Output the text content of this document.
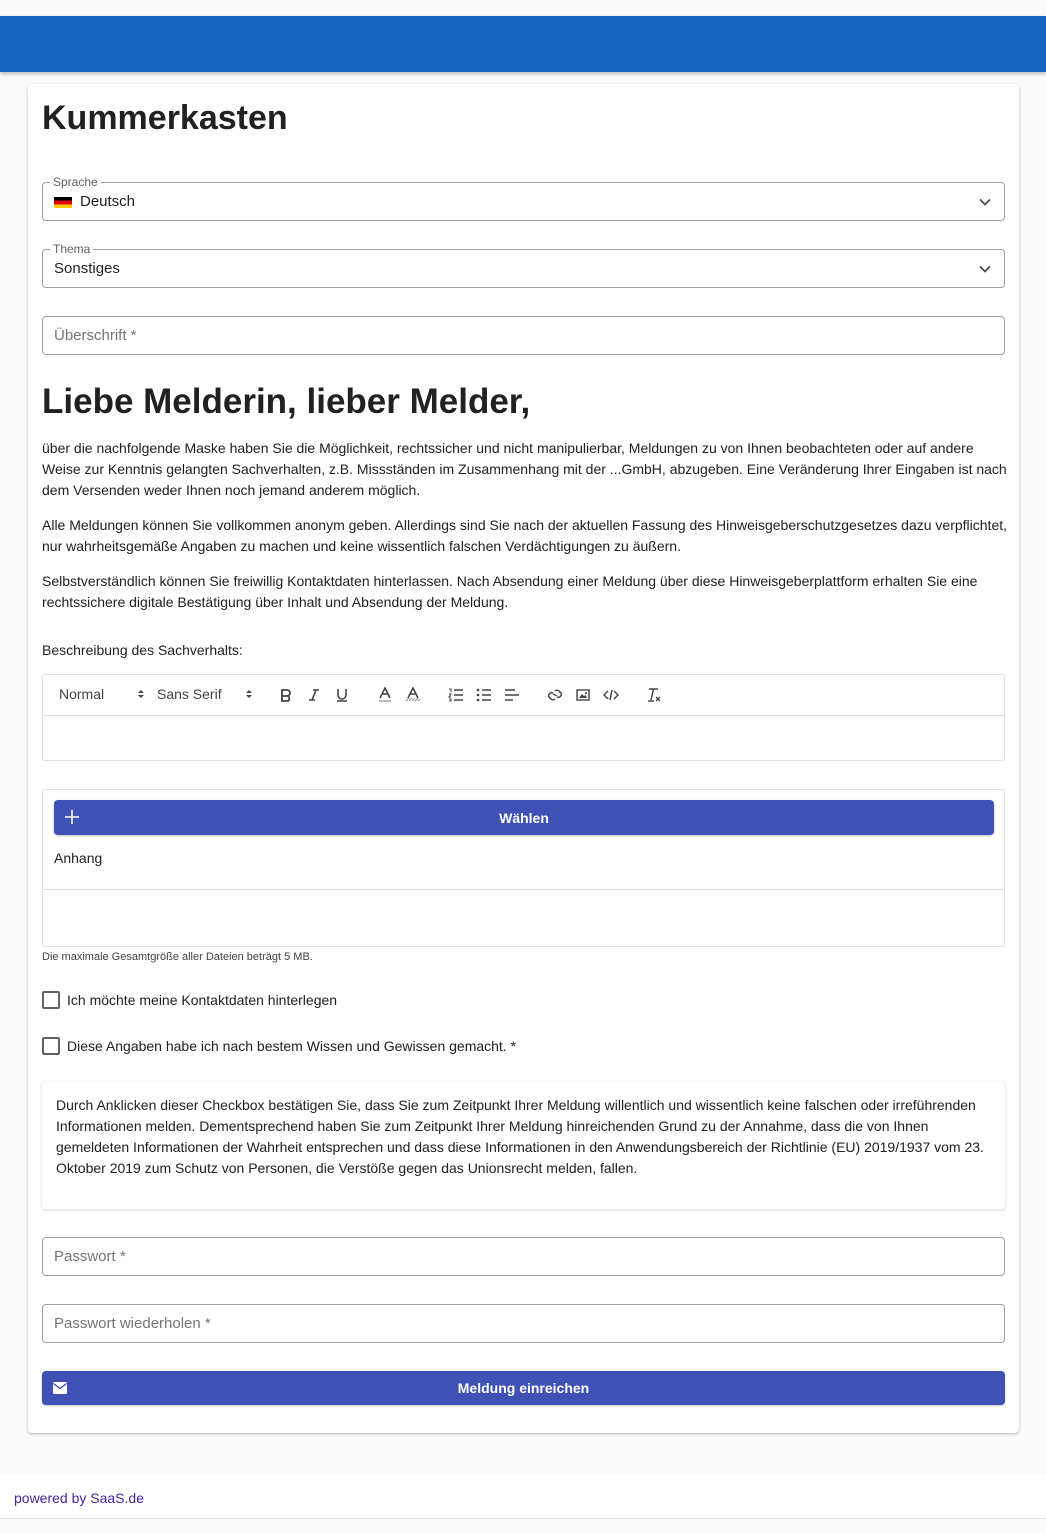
Kummerkasten
Sprache
Deutsch
Thema
Sonstiges
Überschrift *
Liebe Melderin, lieber Melder,

über die nachfolgende Maske haben Sie die Möglichkeit, rechtssicher und nicht manipulierbar, Meldungen zu von Ihnen beobachteten oder auf andere Weise zur Kenntnis gelangten Sachverhalten, z.B. Missständen im Zusammenhang mit der ...GmbH, abzugeben. Eine Veränderung Ihrer Eingaben ist nach dem Versenden weder Ihnen noch jemand anderem möglich.

Alle Meldungen können Sie vollkommen anonym geben. Allerdings sind Sie nach der aktuellen Fassung des Hinweisgeberschutzgesetzes dazu verpflichtet, nur wahrheitsgemäße Angaben zu machen und keine wissentlich falschen Verdächtigungen zu äußern.

Selbstverständlich können Sie freiwillig Kontaktdaten hinterlassen. Nach Absendung einer Meldung über diese Hinweisgeberplattform erhalten Sie eine rechtssichere digitale Bestätigung über Inhalt und Absendung der Meldung.

Beschreibung des Sachverhalts:
Normal	Sans Serif
Wählen
Anhang
Die maximale Gesamtgröße aller Dateien beträgt 5 MB.
Ich möchte meine Kontaktdaten hinterlegen
Diese Angaben habe ich nach bestem Wissen und Gewissen gemacht. *

Durch Anklicken dieser Checkbox bestätigen Sie, dass Sie zum Zeitpunkt Ihrer Meldung willentlich und wissentlich keine falschen oder irreführenden Informationen melden. Dementsprechend haben Sie zum Zeitpunkt Ihrer Meldung hinreichenden Grund zu der Annahme, dass die von Ihnen gemeldeten Informationen der Wahrheit entsprechen und dass diese Informationen in den Anwendungsbereich der Richtlinie (EU) 2019/1937 vom 23. Oktober 2019 zum Schutz von Personen, die Verstöße gegen das Unionsrecht melden, fallen.

Passwort *
Passwort wiederholen *
Meldung einreichen
powered by SaaS.de
